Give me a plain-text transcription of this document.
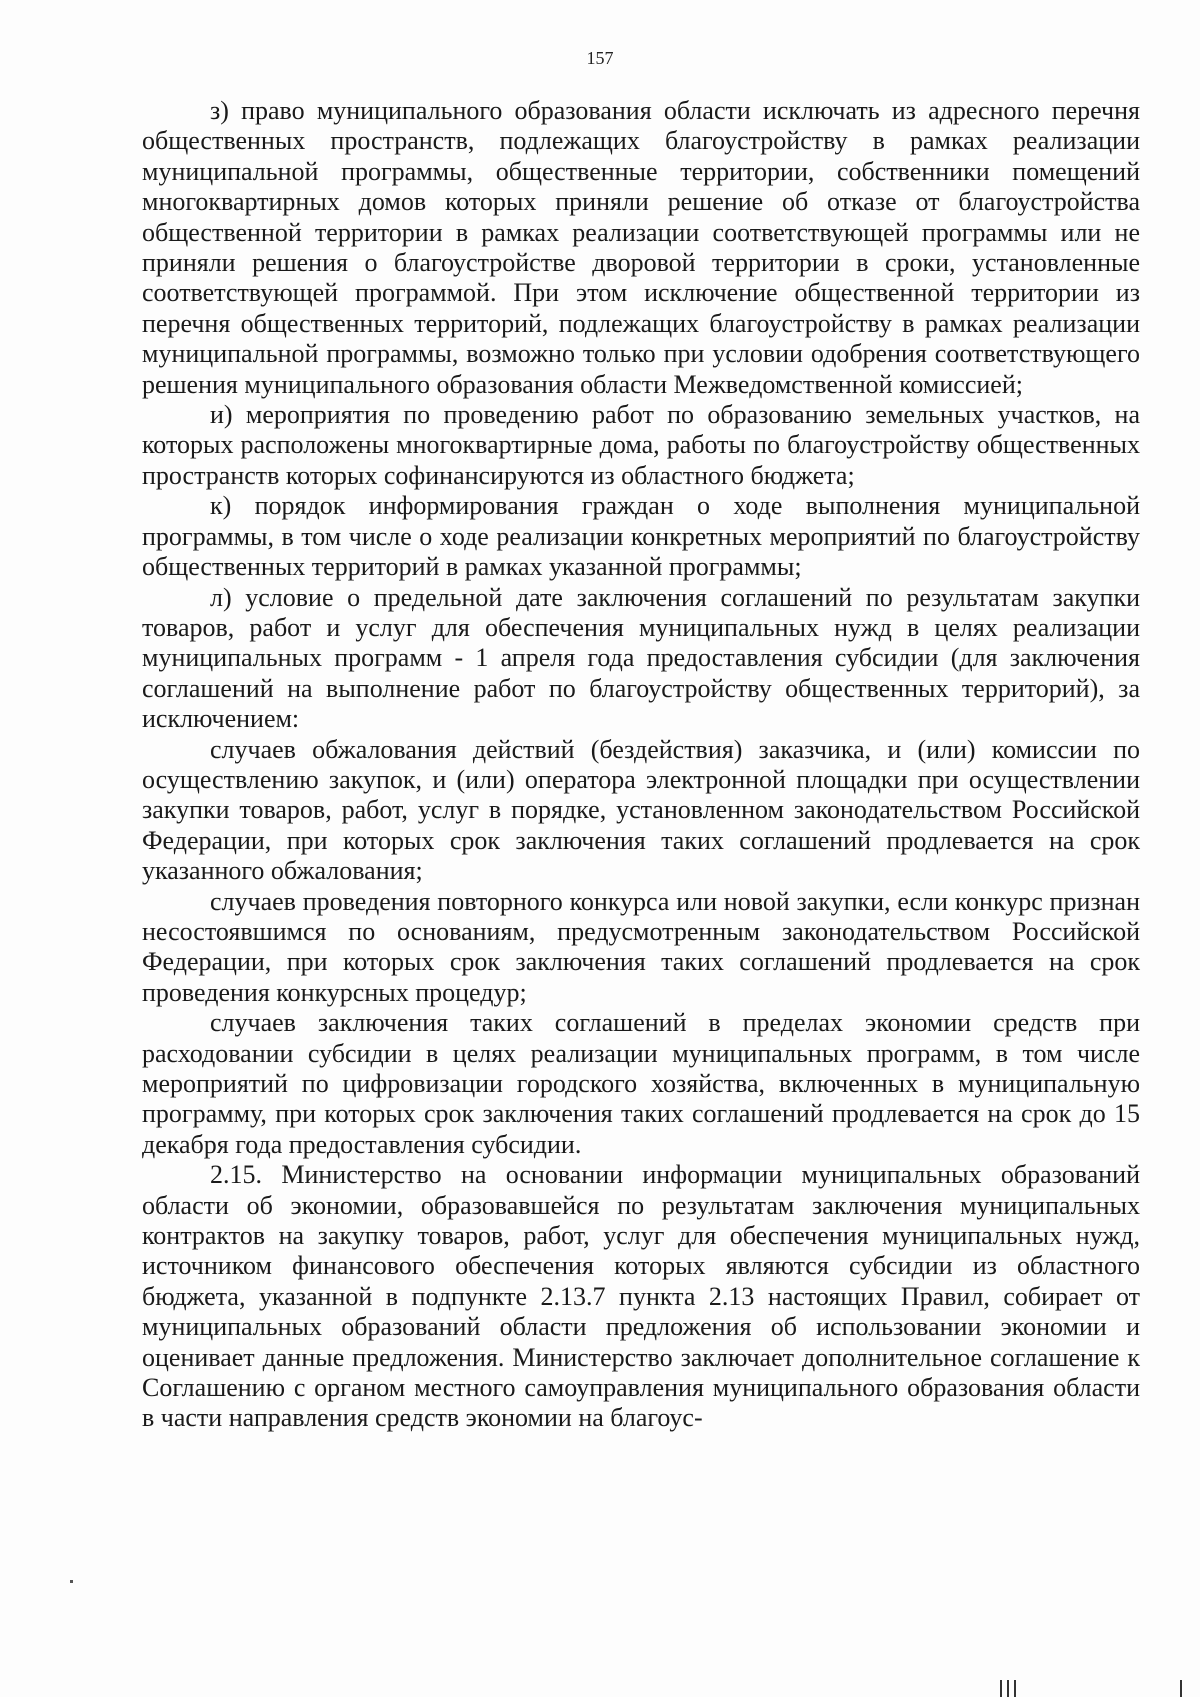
157

з) право муниципального образования области исключать из адресного перечня общественных пространств, подлежащих благоустройству в рамках реализации муниципальной программы, общественные территории, собственники помещений многоквартирных домов которых приняли решение об отказе от благоустройства общественной территории в рамках реализации соответствующей программы или не приняли решения о благоустройстве дворовой территории в сроки, установленные соответствующей программой. При этом исключение общественной территории из перечня общественных территорий, подлежащих благоустройству в рамках реализации муниципальной программы, возможно только при условии одобрения соответствующего решения муниципального образования области Межведомственной комиссией;

и) мероприятия по проведению работ по образованию земельных участков, на которых расположены многоквартирные дома, работы по благоустройству общественных пространств которых софинансируются из областного бюджета;

к) порядок информирования граждан о ходе выполнения муниципальной программы, в том числе о ходе реализации конкретных мероприятий по благоустройству общественных территорий в рамках указанной программы;

л) условие о предельной дате заключения соглашений по результатам закупки товаров, работ и услуг для обеспечения муниципальных нужд в целях реализации муниципальных программ - 1 апреля года предоставления субсидии (для заключения соглашений на выполнение работ по благоустройству общественных территорий), за исключением:

случаев обжалования действий (бездействия) заказчика, и (или) комиссии по осуществлению закупок, и (или) оператора электронной площадки при осуществлении закупки товаров, работ, услуг в порядке, установленном законодательством Российской Федерации, при которых срок заключения таких соглашений продлевается на срок указанного обжалования;

случаев проведения повторного конкурса или новой закупки, если конкурс признан несостоявшимся по основаниям, предусмотренным законодательством Российской Федерации, при которых срок заключения таких соглашений продлевается на срок проведения конкурсных процедур;

случаев заключения таких соглашений в пределах экономии средств при расходовании субсидии в целях реализации муниципальных программ, в том числе мероприятий по цифровизации городского хозяйства, включенных в муниципальную программу, при которых срок заключения таких соглашений продлевается на срок до 15 декабря года предоставления субсидии.

2.15. Министерство на основании информации муниципальных образований области об экономии, образовавшейся по результатам заключения муниципальных контрактов на закупку товаров, работ, услуг для обеспечения муниципальных нужд, источником финансового обеспечения которых являются субсидии из областного бюджета, указанной в подпункте 2.13.7 пункта 2.13 настоящих Правил, собирает от муниципальных образований области предложения об использовании экономии и оценивает данные предложения. Министерство заключает дополнительное соглашение к Соглашению с органом местного самоуправления муниципального образования области в части направления средств экономии на благоус-
